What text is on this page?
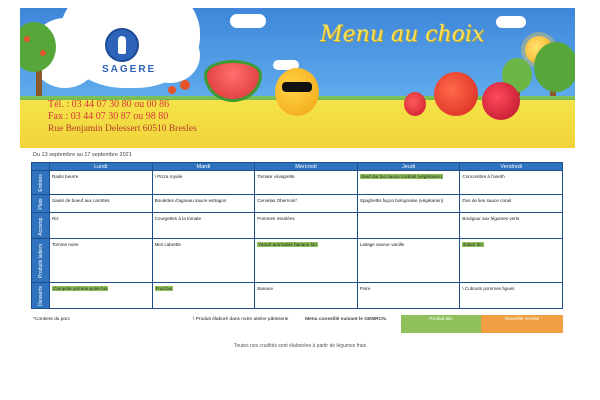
SAGERE
Menu au choix
Tél. : 03 44 07 30 80 ou 00 86
Fax : 03 44 07 30 87 ou 98 80
Rue Benjamin Delessert 60510 Bresles
Du 13 septembre au 17 septembre 2021
	Lundi	Mardi	Mercredi	Jeudi	Vendredi

Entrées	Radis beurre	\ Pizza royale	Tomate vinaigrette	Oeuf dur bio sauce cocktail (végétarien)	Concombre à l'aneth

Plats	Sauté de boeuf aux carottes	Boulettes d'agneau sauce estragon	Cervelas Obernois*	Spaghettis façon bolognaise (végétarien)	Dos de lieu sauce corail

Accomp.	Riz	Courgettes à la tomate	Pommes rissolées		Boulgour aux légumes verts

Produits laitiers	Tomme noire	Mini cabrette	Yaourt aromatisé banane bio	Laitage saveur vanille	Edam bio

Desserts	Compote pomme-poire bio	Fruit bio	Banane	Poire	\ Cubouts pommes figues
*Contient du porc	\ Produit élaboré dans notre atelier pâtisserie	Menu conseillé suivant le GEMRCN.	Produit Bio	Nouvelle recette
Toutes nos crudités sont élaborées à partir de légumes frais
